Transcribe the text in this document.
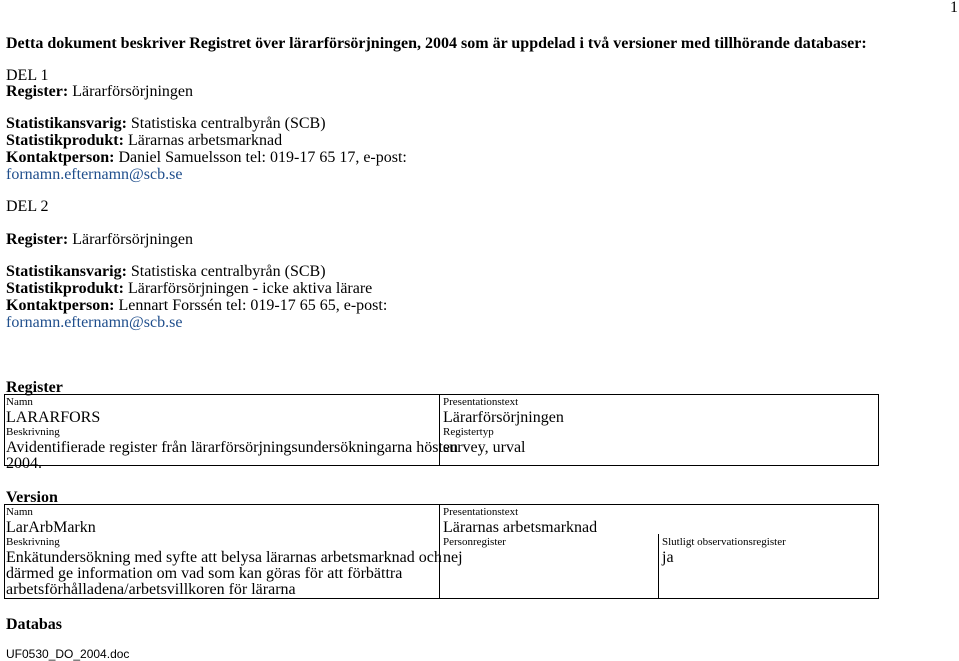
1
Detta dokument beskriver Registret över lärarförsörjningen, 2004 som är uppdelad i två versioner med tillhörande databaser:
DEL 1
Register: Lärarförsörjningen
Statistikansvarig: Statistiska centralbyrån (SCB)
Statistikprodukt: Lärarnas arbetsmarknad
Kontaktperson: Daniel Samuelsson tel: 019-17 65 17, e-post:
fornamn.efternamn@scb.se
DEL 2
Register: Lärarförsörjningen
Statistikansvarig: Statistiska centralbyrån (SCB)
Statistikprodukt: Lärarförsörjningen - icke aktiva lärare
Kontaktperson: Lennart Forssén tel: 019-17 65 65, e-post:
fornamn.efternamn@scb.se
Register
Namn
LARARFORS
Beskrivning
Avidentifierade register från lärarförsörjningsundersökningarna hösten
2004.
Presentationstext
Lärarförsörjningen
Registertyp
survey, urval
Version
Namn
LarArbMarkn
Beskrivning
Enkätundersökning med syfte att belysa lärarnas arbetsmarknad och
därmed ge information om vad som kan göras för att förbättra
arbetsförhålladena/arbetsvillkoren för lärarna
Presentationstext
Lärarnas arbetsmarknad
Personregister
nej
Slutligt observationsregister
ja
Databas
UF0530_DO_2004.doc
